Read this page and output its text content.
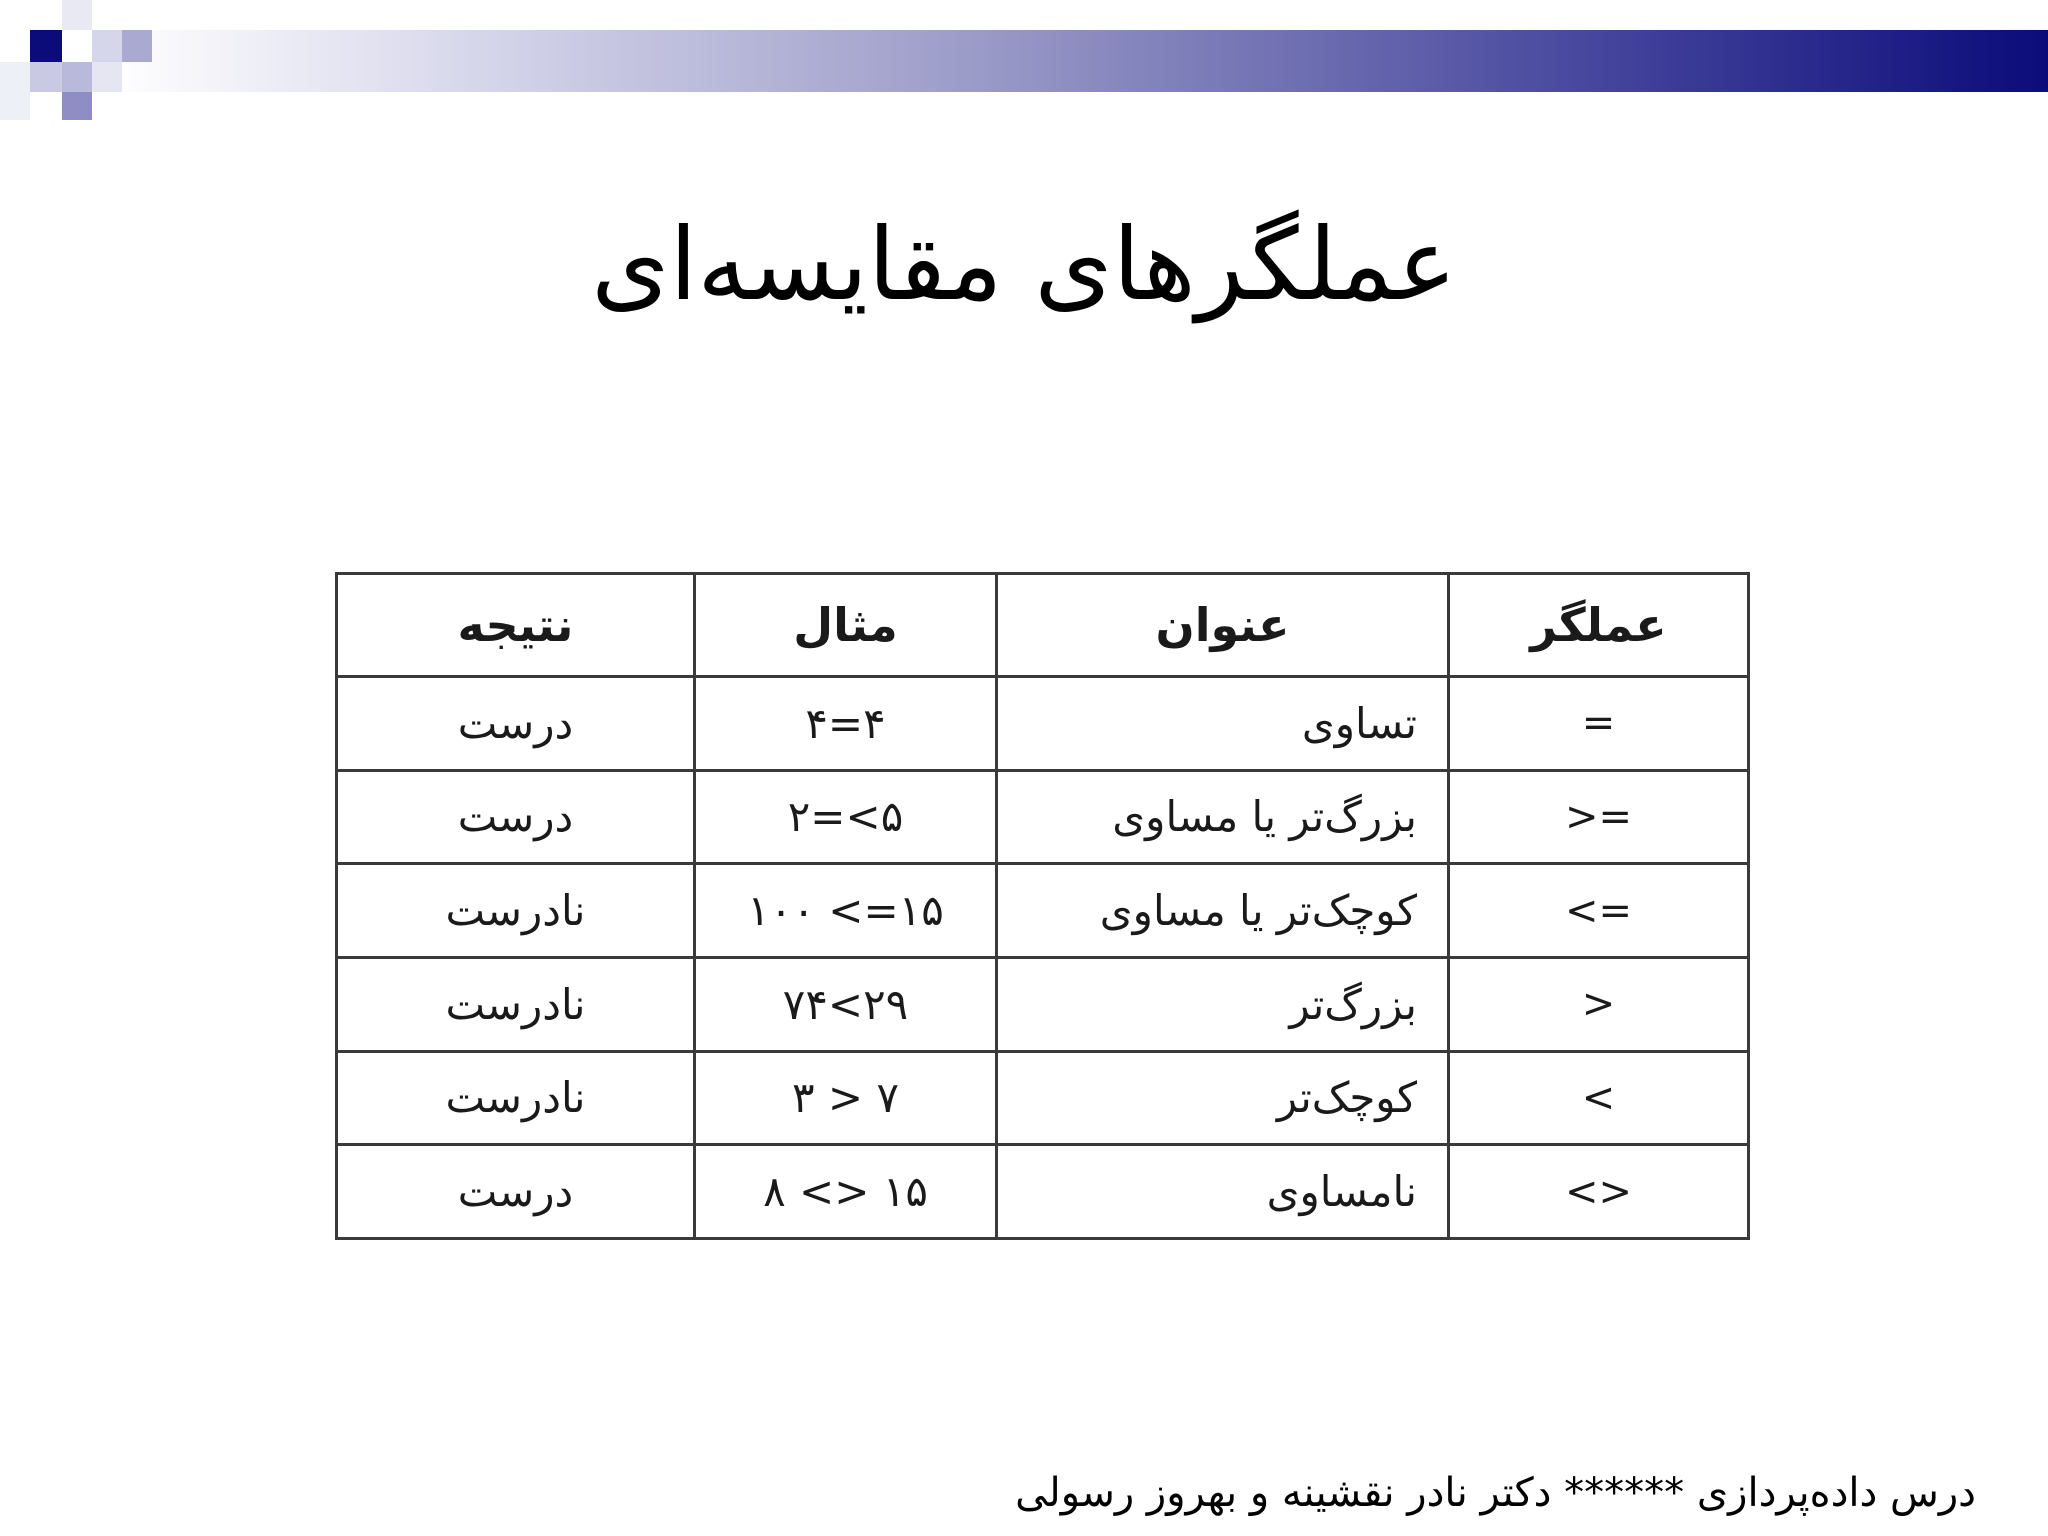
عملگرهای مقایسه‌ای
عملگر	عنوان	مثال	نتیجه
=	تساوی	۴=۴	درست
>=	بزرگ‌تر یا مساوی	۵>=۲	درست
<=	کوچک‌تر یا مساوی	۱۵=> ۱۰۰	نادرست
>	بزرگ‌تر	۲۹>۷۴	نادرست
<	کوچک‌تر	۷ < ۳	نادرست
<>	نامساوی	۱۵ <> ۸	درست
درس داده‌پردازی ****** دکتر نادر نقشینه و بهروز رسولی
